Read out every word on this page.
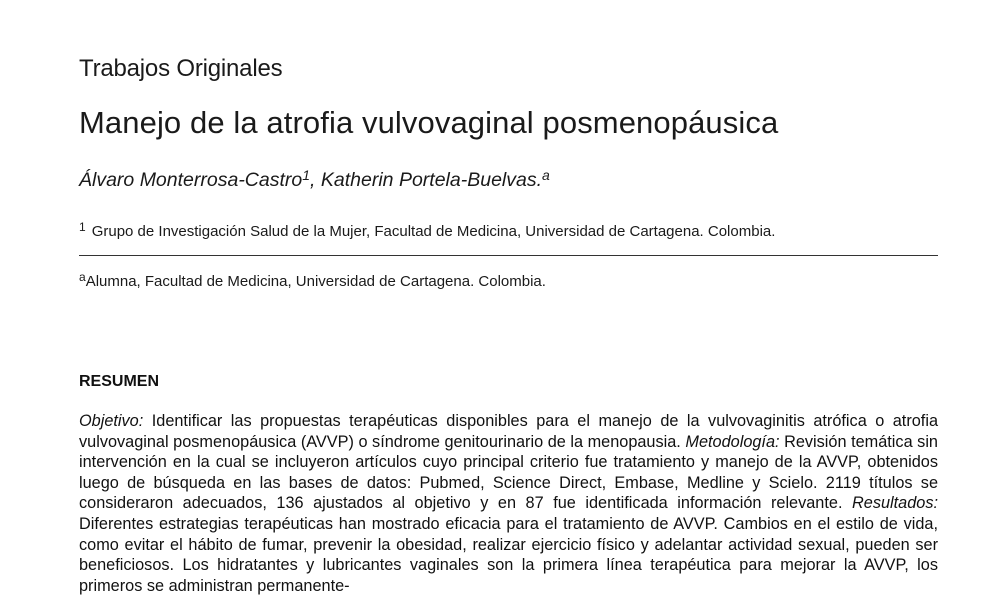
Trabajos Originales
Manejo de la atrofia vulvovaginal posmenopáusica
Álvaro Monterrosa-Castro$^1$, Katherin Portela-Buelvas.$^a$
$^1$ Grupo de Investigación Salud de la Mujer, Facultad de Medicina, Universidad de Cartagena. Colombia.
$^a$Alumna, Facultad de Medicina, Universidad de Cartagena. Colombia.
RESUMEN
Objetivo: Identificar las propuestas terapéuticas disponibles para el manejo de la vulvovaginitis atrófica o atrofia vulvovaginal posmenopáusica (AVVP) o síndrome genitourinario de la menopausia. Metodología: Revisión temática sin intervención en la cual se incluyeron artículos cuyo principal criterio fue tratamiento y manejo de la AVVP, obtenidos luego de búsqueda en las bases de datos: Pubmed, Science Direct, Embase, Medline y Scielo. 2119 títulos se consideraron adecuados, 136 ajustados al objetivo y en 87 fue identificada información relevante. Resultados: Diferentes estrategias terapéuticas han mostrado eficacia para el tratamiento de AVVP. Cambios en el estilo de vida, como evitar el hábito de fumar, prevenir la obesidad, realizar ejercicio físico y adelantar actividad sexual, pueden ser beneficiosos. Los hidratantes y lubricantes vaginales son la primera línea terapéutica para mejorar la AVVP, los primeros se administran permanente-
